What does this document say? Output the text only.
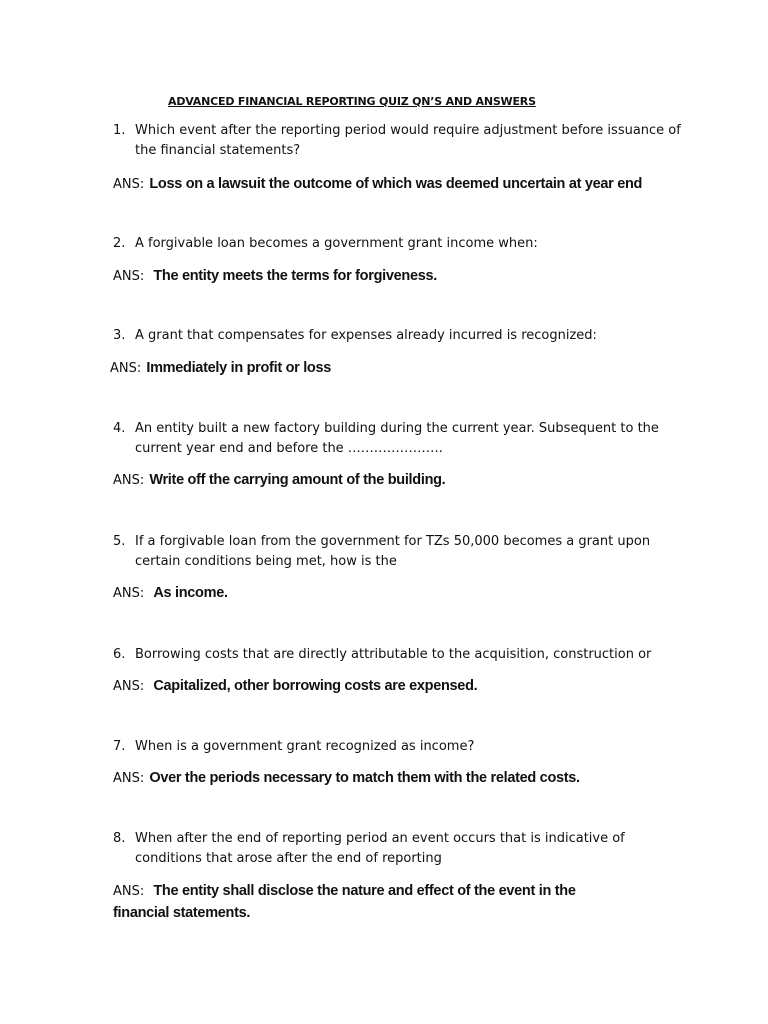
ADVANCED FINANCIAL REPORTING QUIZ QN’S AND ANSWERS
1. Which event after the reporting period would require adjustment before issuance of the financial statements?
ANS: Loss on a lawsuit the outcome of which was deemed uncertain at year end
2. A forgivable loan becomes a government grant income when:
ANS: The entity meets the terms for forgiveness.
3. A grant that compensates for expenses already incurred is recognized:
ANS: Immediately in profit or loss
4. An entity built a new factory building during the current year. Subsequent to the current year end and before the ………………….
ANS: Write off the carrying amount of the building.
5. If a forgivable loan from the government for TZs 50,000 becomes a grant upon certain conditions being met, how is the
ANS: As income.
6. Borrowing costs that are directly attributable to the acquisition, construction or
ANS: Capitalized, other borrowing costs are expensed.
7. When is a government grant recognized as income?
ANS: Over the periods necessary to match them with the related costs.
8. When after the end of reporting period an event occurs that is indicative of conditions that arose after the end of reporting
ANS: The entity shall disclose the nature and effect of the event in the financial statements.
